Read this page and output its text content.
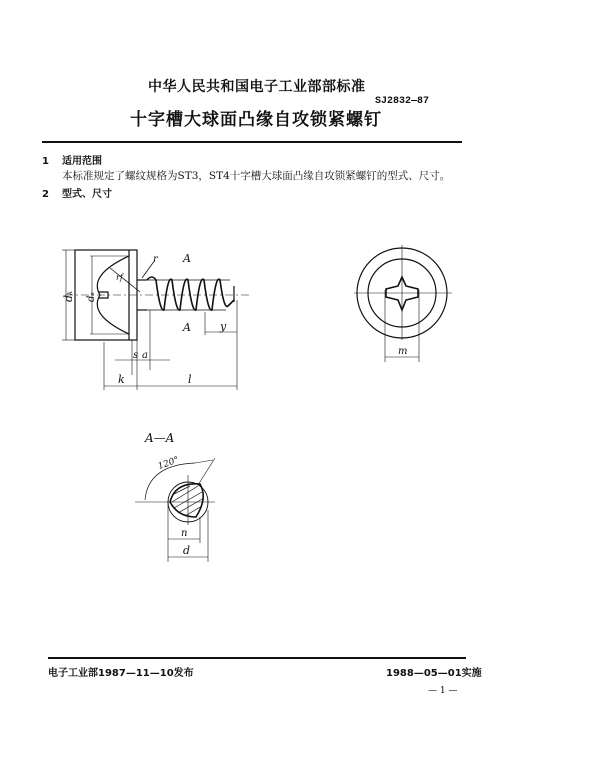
中华人民共和国电子工业部部标准
SJ2832—87
十字槽大球面凸缘自攻锁紧螺钉
1 适用范围
本标准规定了螺纹规格为ST3，ST4十字槽大球面凸缘自攻锁紧螺钉的型式、尺寸。
2 型式、尺寸
dₖ dₛ
rf
r A
A
s a
y
k	l
m
A—A
120°
n
d
电子工业部1987—11—10发布	1988—05—01实施
— 1 —
